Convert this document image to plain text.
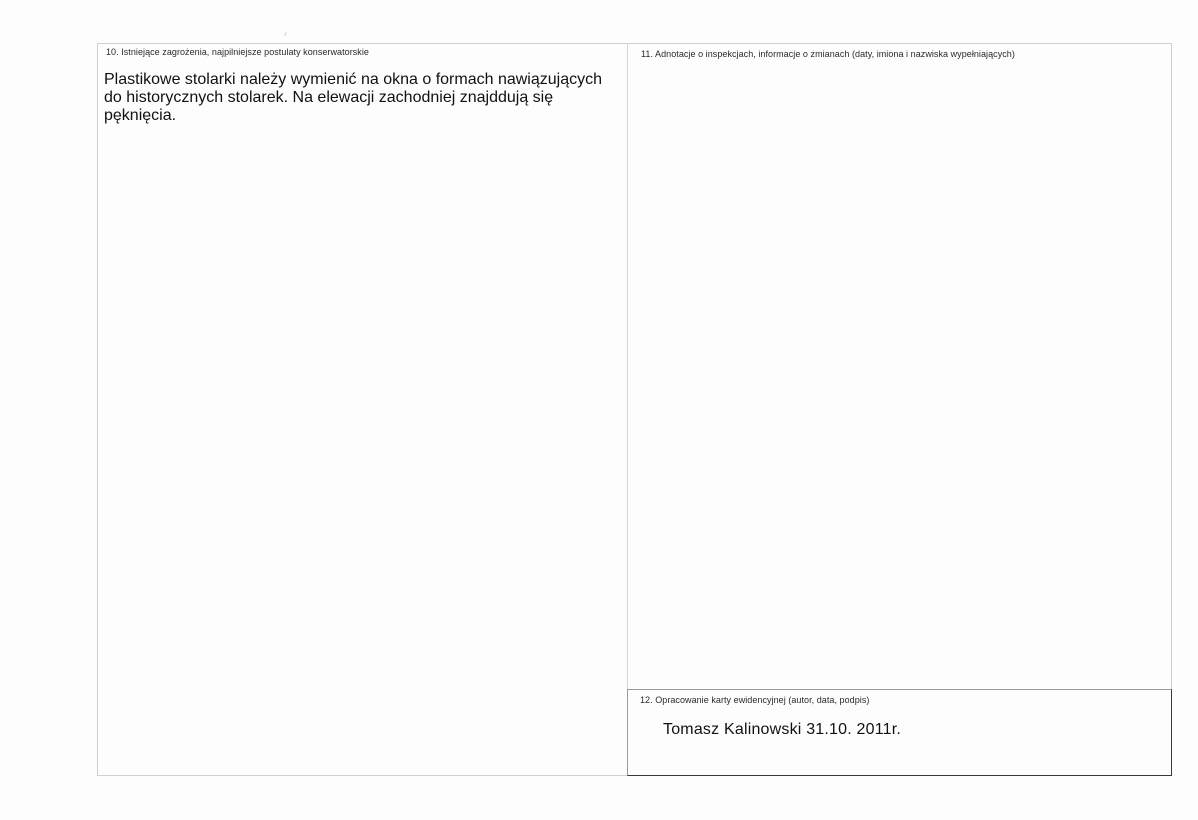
10. Istniejące zagrożenia, najpilniejsze postulaty konserwatorskie
Plastikowe stolarki należy wymienić na okna o formach nawiązujących do historycznych stolarek. Na elewacji zachodniej znajddują się pęknięcia.
11. Adnotacje o inspekcjach, informacje o zmianach (daty, imiona i nazwiska wypełniających)
12. Opracowanie karty ewidencyjnej (autor, data, podpis)
Tomasz Kalinowski 31.10. 2011r.
